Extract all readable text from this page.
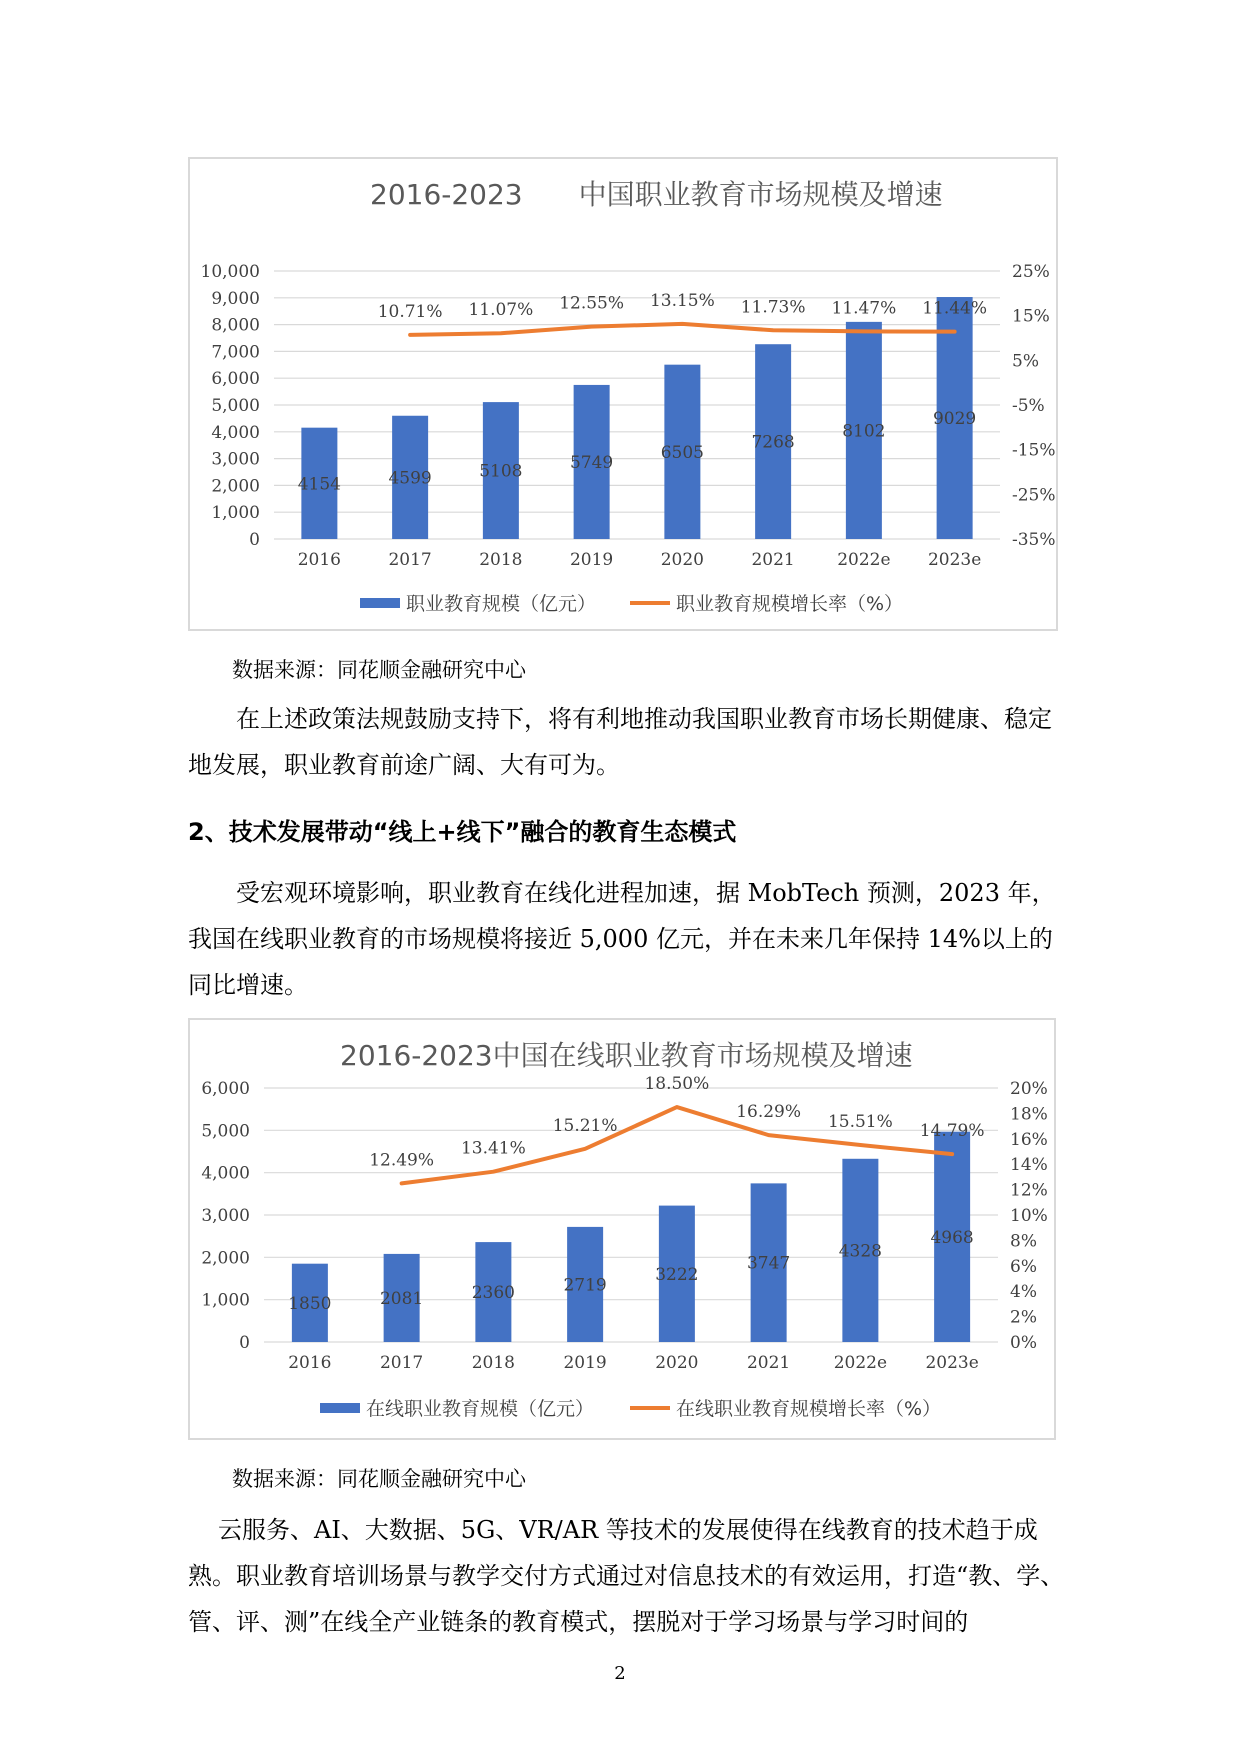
2016-2023　　中国职业教育市场规模及增速
0
1,000
2,000
3,000
4,000
5,000
6,000
7,000
8,000
9,000
10,000
-35%
-25%
-15%
-5%
5%
15%
25%
2016
4154
2017
4599
10.71%
2018
5108
11.07%
2019
5749
12.55%
2020
6505
13.15%
2021
7268
11.73%
2022e
8102
11.47%
2023e
9029
11.44%
职业教育规模（亿元）	职业教育规模增长率（%）
数据来源：同花顺金融研究中心

在上述政策法规鼓励支持下，将有利地推动我国职业教育市场长期健康、稳定地发展，职业教育前途广阔、大有可为。

2、技术发展带动“线上+线下”融合的教育生态模式

受宏观环境影响，职业教育在线化进程加速，据 MobTech 预测，2023 年，我国在线职业教育的市场规模将接近 5,000 亿元，并在未来几年保持 14%以上的同比增速。

2016-2023中国在线职业教育市场规模及增速
0
1,000
2,000
3,000
4,000
5,000
6,000
0%
2%
4%
6%
8%
10%
12%
14%
16%
18%
20%
2016
1850
2017
2081
12.49%
2018
2360
13.41%
2019
2719
15.21%
2020
3222
18.50%
2021
3747
16.29%
2022e
4328
15.51%
2023e
4968
14.79%
在线职业教育规模（亿元）	在线职业教育规模增长率（%）
数据来源：同花顺金融研究中心

云服务、AI、大数据、5G、VR/AR 等技术的发展使得在线教育的技术趋于成熟。职业教育培训场景与教学交付方式通过对信息技术的有效运用，打造“教、学、管、评、测”在线全产业链条的教育模式，摆脱对于学习场景与学习时间的

2
